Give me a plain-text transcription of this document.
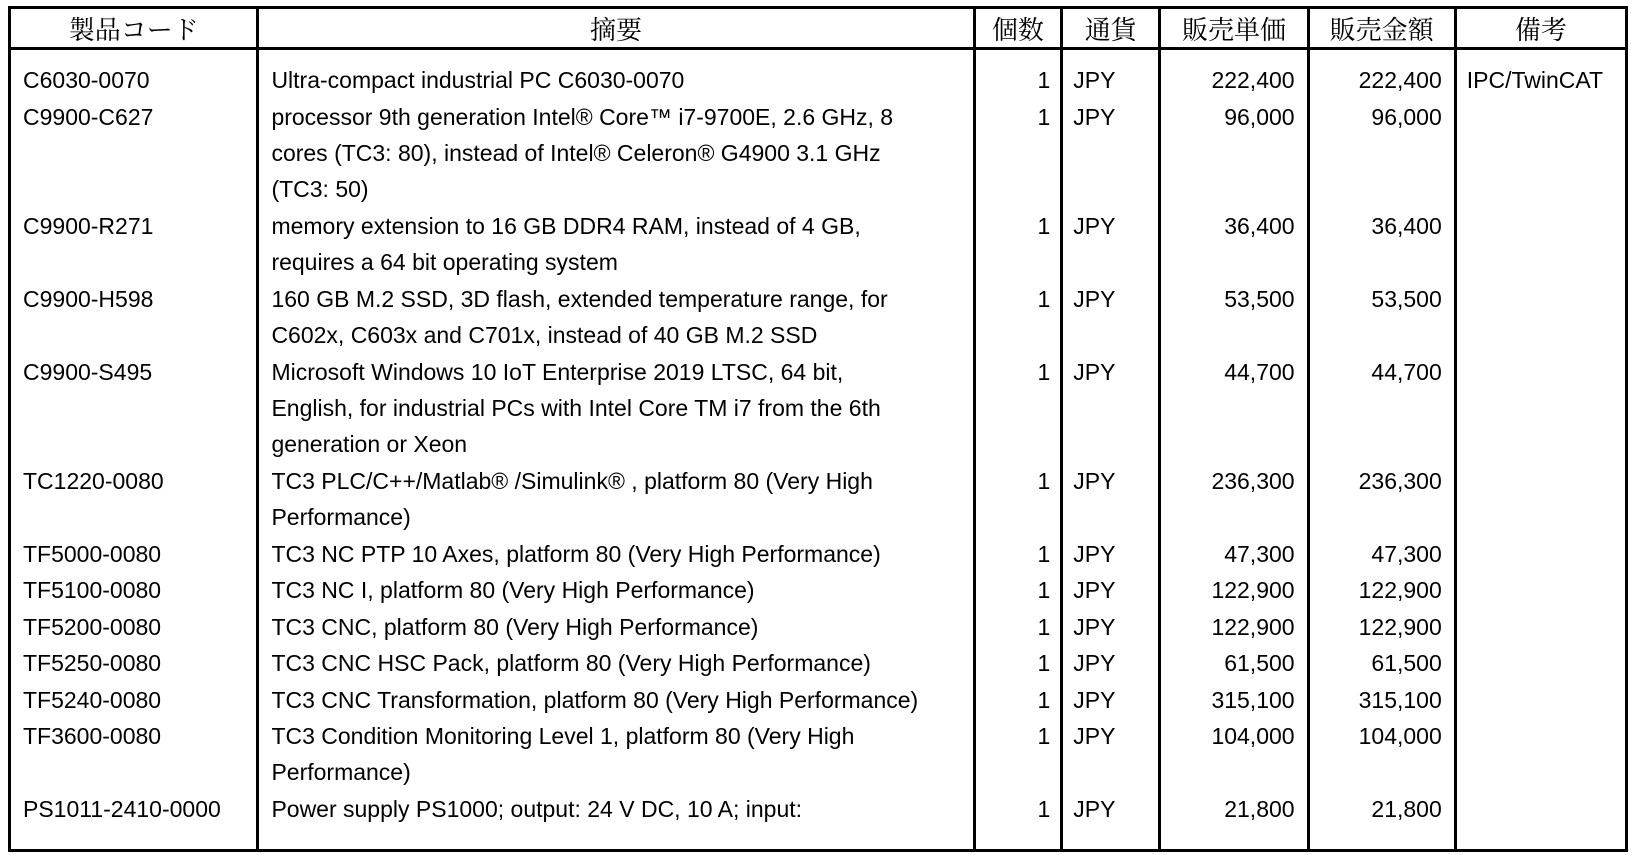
製品コード	摘要	個数	通貨	販売単価	販売金額	備考
C6030-0070	Ultra-compact industrial PC C6030-0070	1	JPY	222,400	222,400	IPC/TwinCAT
C9900-C627	processor 9th generation Intel® Core™ i7-9700E, 2.6 GHz, 8
cores (TC3: 80), instead of Intel® Celeron® G4900 3.1 GHz
(TC3: 50)	1	JPY	96,000	96,000	
C9900-R271	memory extension to 16 GB DDR4 RAM, instead of 4 GB,
requires a 64 bit operating system	1	JPY	36,400	36,400	
C9900-H598	160 GB M.2 SSD, 3D flash, extended temperature range, for
C602x, C603x and C701x, instead of 40 GB M.2 SSD	1	JPY	53,500	53,500	
C9900-S495	Microsoft Windows 10 IoT Enterprise 2019 LTSC, 64 bit,
English, for industrial PCs with Intel Core TM i7 from the 6th
generation or Xeon	1	JPY	44,700	44,700	
TC1220-0080	TC3 PLC/C++/Matlab® /Simulink® , platform 80 (Very High
Performance)	1	JPY	236,300	236,300	
TF5000-0080	TC3 NC PTP 10 Axes, platform 80 (Very High Performance)	1	JPY	47,300	47,300	
TF5100-0080	TC3 NC I, platform 80 (Very High Performance)	1	JPY	122,900	122,900	
TF5200-0080	TC3 CNC, platform 80 (Very High Performance)	1	JPY	122,900	122,900	
TF5250-0080	TC3 CNC HSC Pack, platform 80 (Very High Performance)	1	JPY	61,500	61,500	
TF5240-0080	TC3 CNC Transformation, platform 80 (Very High Performance)	1	JPY	315,100	315,100	
TF3600-0080	TC3 Condition Monitoring Level 1, platform 80 (Very High
Performance)	1	JPY	104,000	104,000	
PS1011-2410-0000	Power supply PS1000; output: 24 V DC, 10 A; input:	1	JPY	21,800	21,800	
